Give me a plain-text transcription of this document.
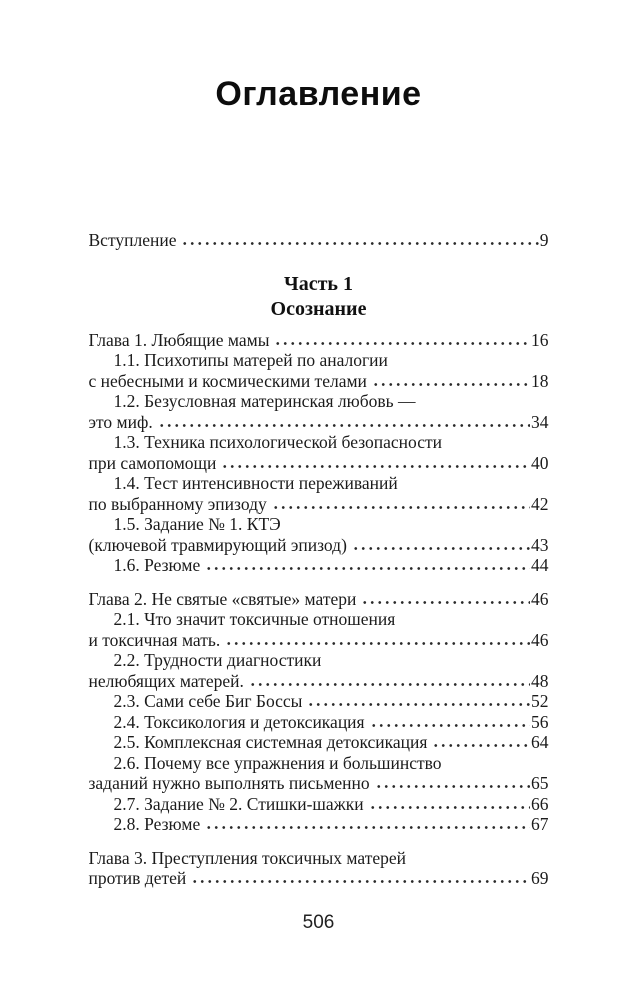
Оглавление
Вступление	9
Часть 1
Осознание
Глава 1. Любящие мамы	16
1.1. Психотипы матерей по аналогии
с небесными и космическими телами	18
1.2. Безусловная материнская любовь —
это миф.	34
1.3. Техника психологической безопасности
при самопомощи	40
1.4. Тест интенсивности переживаний
по выбранному эпизоду	42
1.5. Задание № 1. КТЭ
(ключевой травмирующий эпизод)	43
1.6. Резюме	44
Глава 2. Не святые «святые» матери	46
2.1. Что значит токсичные отношения
и токсичная мать.	46
2.2. Трудности диагностики
нелюбящих матерей.	48
2.3. Сами себе Биг Боссы	52
2.4. Токсикология и детоксикация	56
2.5. Комплексная системная детоксикация	64
2.6. Почему все упражнения и большинство
заданий нужно выполнять письменно	65
2.7. Задание № 2. Стишки-шажки	66
2.8. Резюме	67
Глава 3. Преступления токсичных матерей
против детей	69
506
